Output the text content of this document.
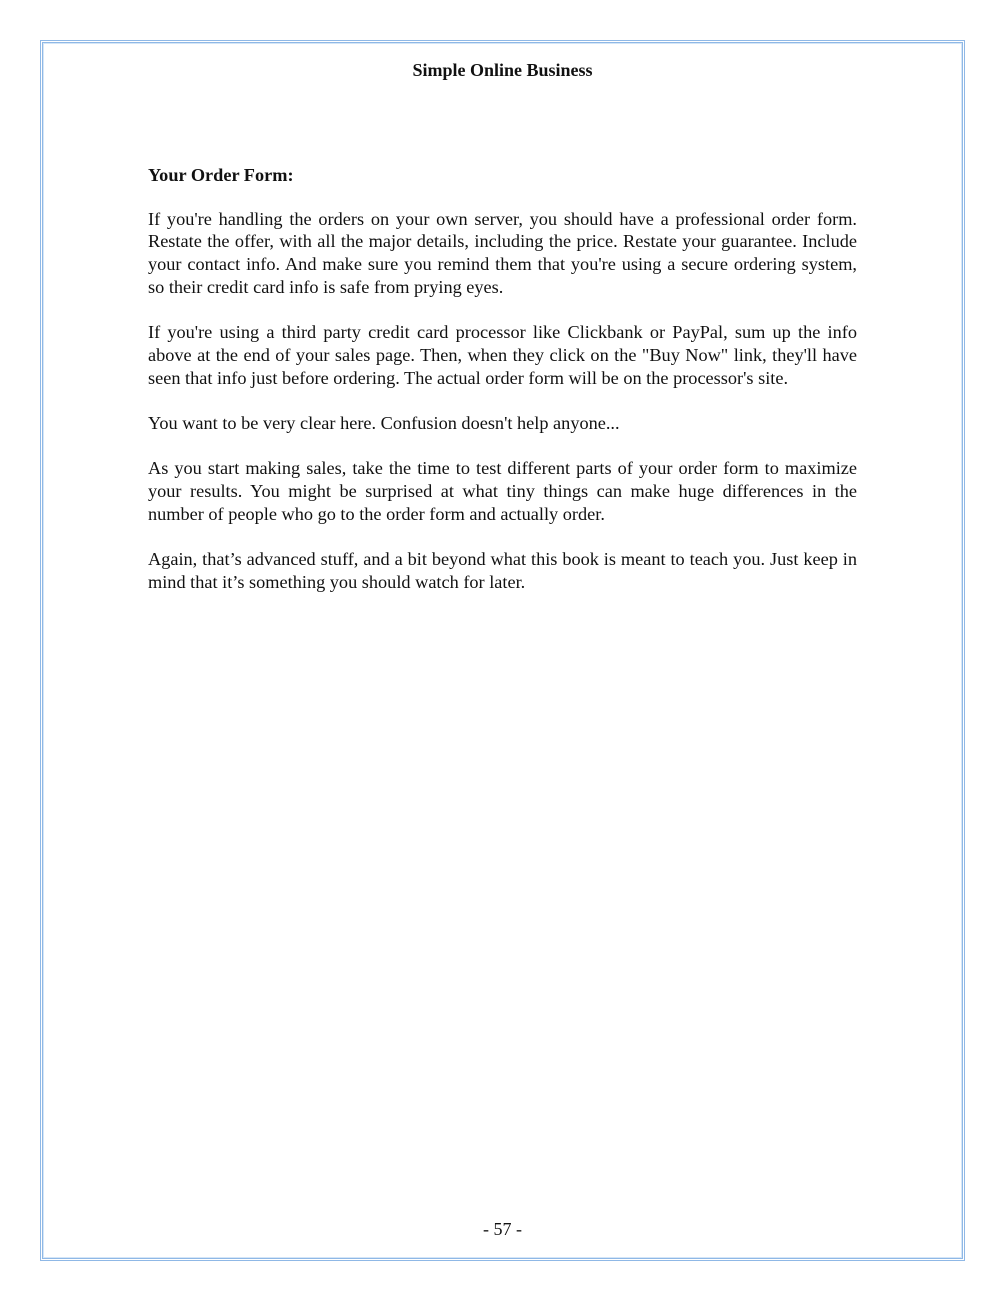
Simple Online Business
Your Order Form:

If you're handling the orders on your own server, you should have a professional order form. Restate the offer, with all the major details, including the price. Restate your guarantee. Include your contact info. And make sure you remind them that you're using a secure ordering system, so their credit card info is safe from prying eyes.

If you're using a third party credit card processor like Clickbank or PayPal, sum up the info above at the end of your sales page. Then, when they click on the "Buy Now" link, they'll have seen that info just before ordering. The actual order form will be on the processor's site.

You want to be very clear here. Confusion doesn't help anyone...

As you start making sales, take the time to test different parts of your order form to maximize your results. You might be surprised at what tiny things can make huge differences in the number of people who go to the order form and actually order.

Again, that’s advanced stuff, and a bit beyond what this book is meant to teach you. Just keep in mind that it’s something you should watch for later.

- 57 -
